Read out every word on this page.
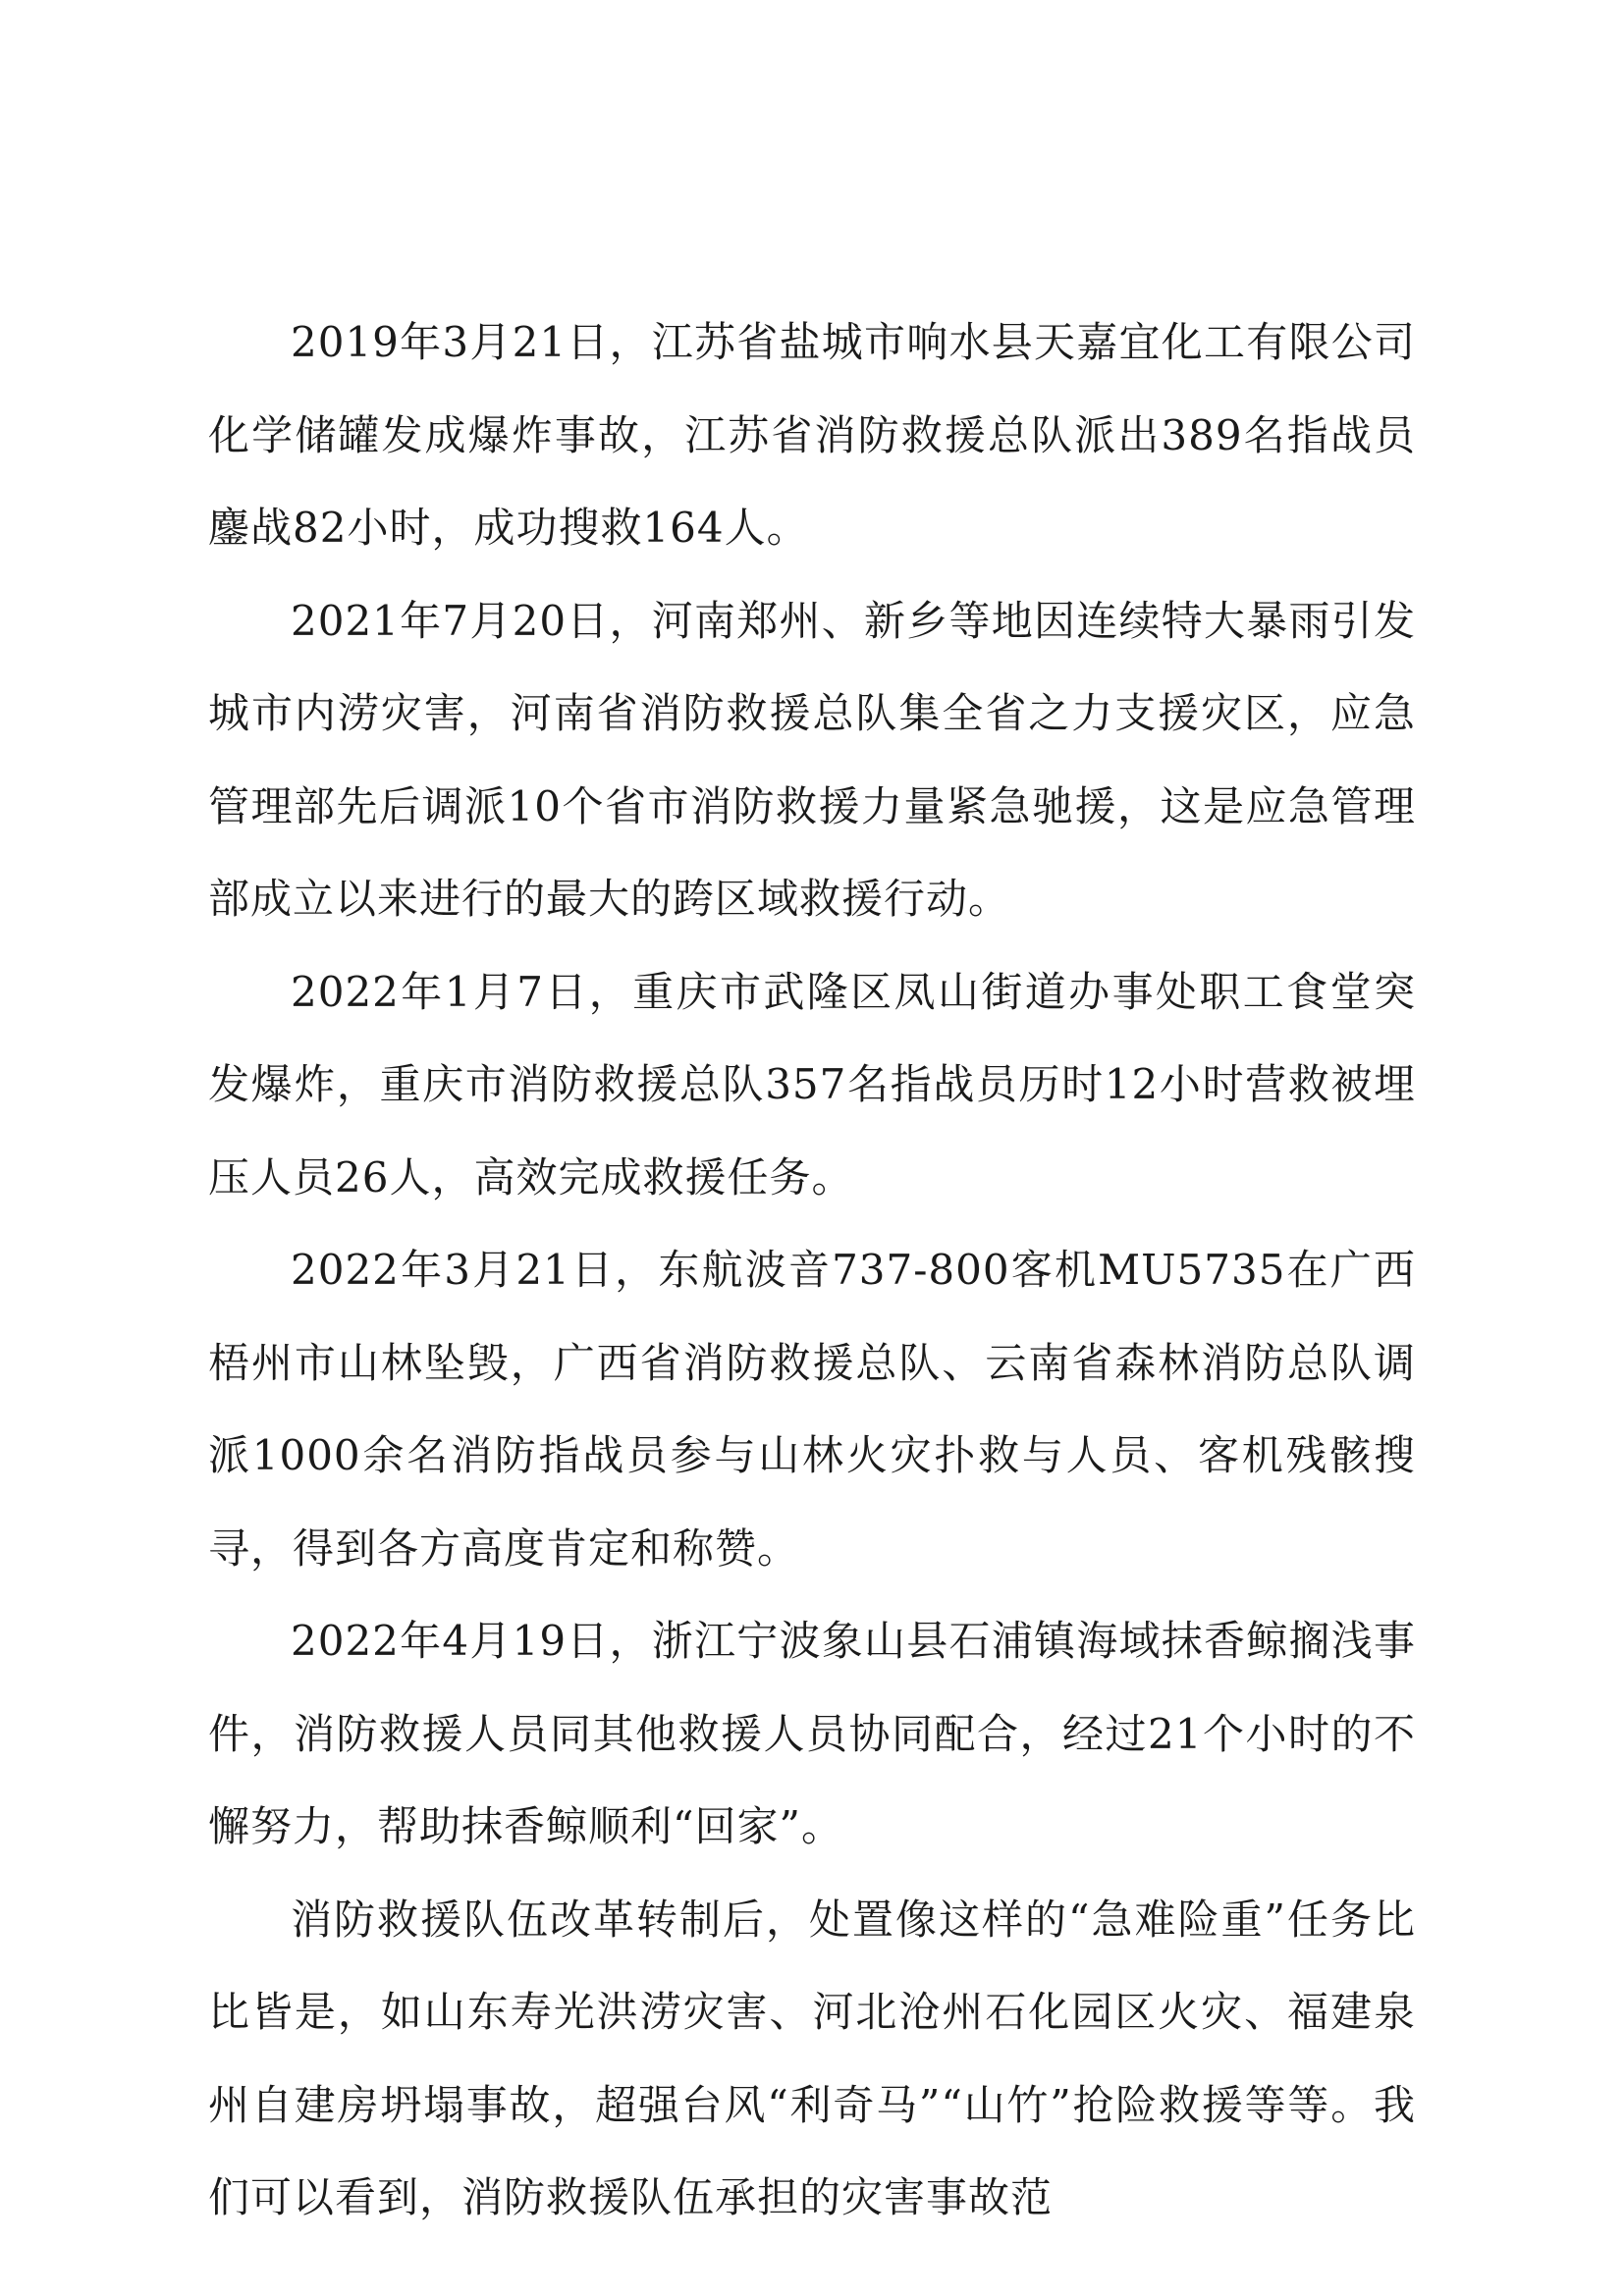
2019年3月21日，江苏省盐城市响水县天嘉宜化工有限公司化学储罐发成爆炸事故，江苏省消防救援总队派出389名指战员鏖战82小时，成功搜救164人。

2021年7月20日，河南郑州、新乡等地因连续特大暴雨引发城市内涝灾害，河南省消防救援总队集全省之力支援灾区，应急管理部先后调派10个省市消防救援力量紧急驰援，这是应急管理部成立以来进行的最大的跨区域救援行动。

2022年1月7日，重庆市武隆区凤山街道办事处职工食堂突发爆炸，重庆市消防救援总队357名指战员历时12小时营救被埋压人员26人，高效完成救援任务。

2022年3月21日，东航波音737-800客机MU5735在广西梧州市山林坠毁，广西省消防救援总队、云南省森林消防总队调派1000余名消防指战员参与山林火灾扑救与人员、客机残骸搜寻，得到各方高度肯定和称赞。

2022年4月19日，浙江宁波象山县石浦镇海域抹香鲸搁浅事件，消防救援人员同其他救援人员协同配合，经过21个小时的不懈努力，帮助抹香鲸顺利“回家”。

消防救援队伍改革转制后，处置像这样的“急难险重”任务比比皆是，如山东寿光洪涝灾害、河北沧州石化园区火灾、福建泉州自建房坍塌事故，超强台风“利奇马”“山竹”抢险救援等等。我们可以看到，消防救援队伍承担的灾害事故范
